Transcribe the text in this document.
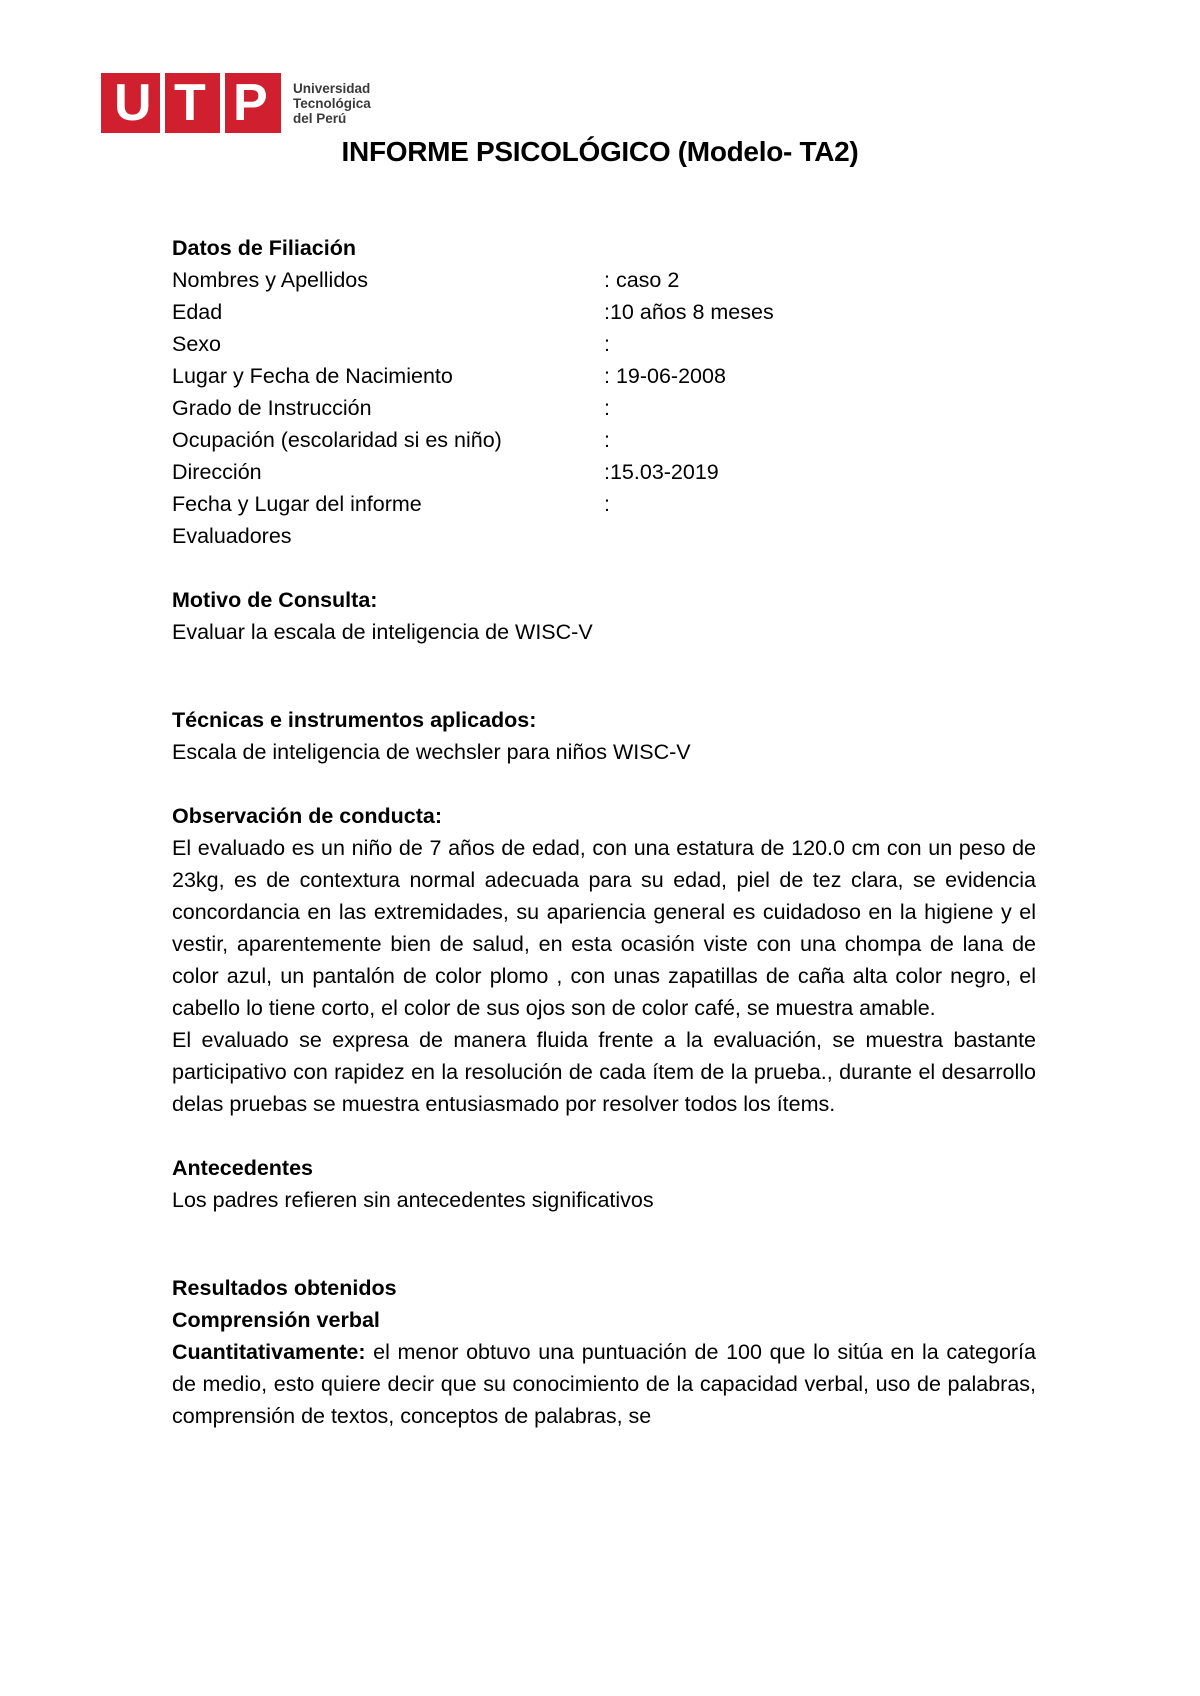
U T P Universidad
Tecnológica
del Perú
INFORME PSICOLÓGICO (Modelo- TA2)
Datos de Filiación
Nombres y Apellidos	: caso 2
Edad	:10 años 8 meses
Sexo	:
Lugar y Fecha de Nacimiento	: 19-06-2008
Grado de Instrucción	:
Ocupación (escolaridad si es niño)	:
Dirección	:15.03-2019
Fecha y Lugar del informe	:
Evaluadores
Motivo de Consulta:
Evaluar la escala de inteligencia de WISC-V
Técnicas e instrumentos aplicados:
Escala de inteligencia de wechsler para niños WISC-V
Observación de conducta:
El evaluado es un niño de 7 años de edad, con una estatura de 120.0 cm con un peso de 23kg, es de contextura normal adecuada para su edad, piel de tez clara, se evidencia concordancia en las extremidades, su apariencia general es cuidadoso en la higiene y el vestir, aparentemente bien de salud, en esta ocasión viste con una chompa de lana de color azul, un pantalón de color plomo , con unas zapatillas de caña alta color negro, el cabello lo tiene corto, el color de sus ojos son de color café, se muestra amable.
El evaluado se expresa de manera fluida frente a la evaluación, se muestra bastante participativo con rapidez en la resolución de cada ítem de la prueba., durante el desarrollo delas pruebas se muestra entusiasmado por resolver todos los ítems.
Antecedentes
Los padres refieren sin antecedentes significativos
Resultados obtenidos
Comprensión verbal
Cuantitativamente: el menor obtuvo una puntuación de 100 que lo sitúa en la categoría de medio, esto quiere decir que su conocimiento de la capacidad verbal, uso de palabras, comprensión de textos, conceptos de palabras, se
